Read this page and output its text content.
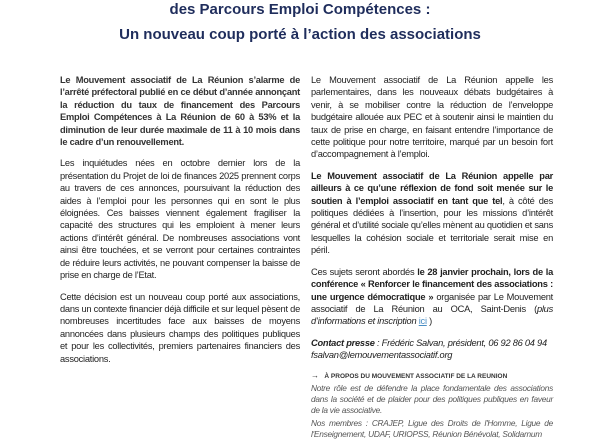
des Parcours Emploi Compétences :
Un nouveau coup porté à l’action des associations

Le Mouvement associatif de La Réunion s’alarme de l’arrêté préfectoral publié en ce début d’année annonçant la réduction du taux de financement des Parcours Emploi Compétences à La Réunion de 60 à 53% et la diminution de leur durée maximale de 11 à 10 mois dans le cadre d’un renouvellement.

Les inquiétudes nées en octobre dernier lors de la présentation du Projet de loi de finances 2025 prennent corps au travers de ces annonces, poursuivant la réduction des aides à l’emploi pour les personnes qui en sont le plus éloignées. Ces baisses viennent également fragiliser la capacité des structures qui les emploient à mener leurs actions d’intérêt général. De nombreuses associations vont ainsi être touchées, et se verront pour certaines contraintes de réduire leurs activités, ne pouvant compenser la baisse de prise en charge de l’Etat.

Cette décision est un nouveau coup porté aux associations, dans un contexte financier déjà difficile et sur lequel pèsent de nombreuses incertitudes face aux baisses de moyens annoncées dans plusieurs champs des politiques publiques et pour les collectivités, premiers partenaires financiers des associations.

Le Mouvement associatif de La Réunion appelle les parlementaires, dans les nouveaux débats budgétaires à venir, à se mobiliser contre la réduction de l’enveloppe budgétaire allouée aux PEC et à soutenir ainsi le maintien du taux de prise en charge, en faisant entendre l’importance de cette politique pour notre territoire, marqué par un besoin fort d’accompagnement à l’emploi.

Le Mouvement associatif de La Réunion appelle par ailleurs à ce qu’une réflexion de fond soit menée sur le soutien à l’emploi associatif en tant que tel, à côté des politiques dédiées à l’insertion, pour les missions d’intérêt général et d’utilité sociale qu’elles mènent au quotidien et sans lesquelles la cohésion sociale et territoriale serait mise en péril.

Ces sujets seront abordés le 28 janvier prochain, lors de la conférence « Renforcer le financement des associations : une urgence démocratique » organisée par Le Mouvement associatif de La Réunion au OCA, Saint-Denis (plus d’informations et inscription ici )

Contact presse : Frédéric Salvan, président, 06 92 86 04 94
fsalvan@lemouvementassociatif.org

→ À PROPOS DU MOUVEMENT ASSOCIATIF DE LA REUNION

Notre rôle est de défendre la place fondamentale des associations dans la société et de plaider pour des politiques publiques en faveur de la vie associative.

Nos membres : CRAJEP, Ligue des Droits de l'Homme, Ligue de l'Enseignement, UDAF, URIOPSS, Réunion Bénévolat, Solidarnum
